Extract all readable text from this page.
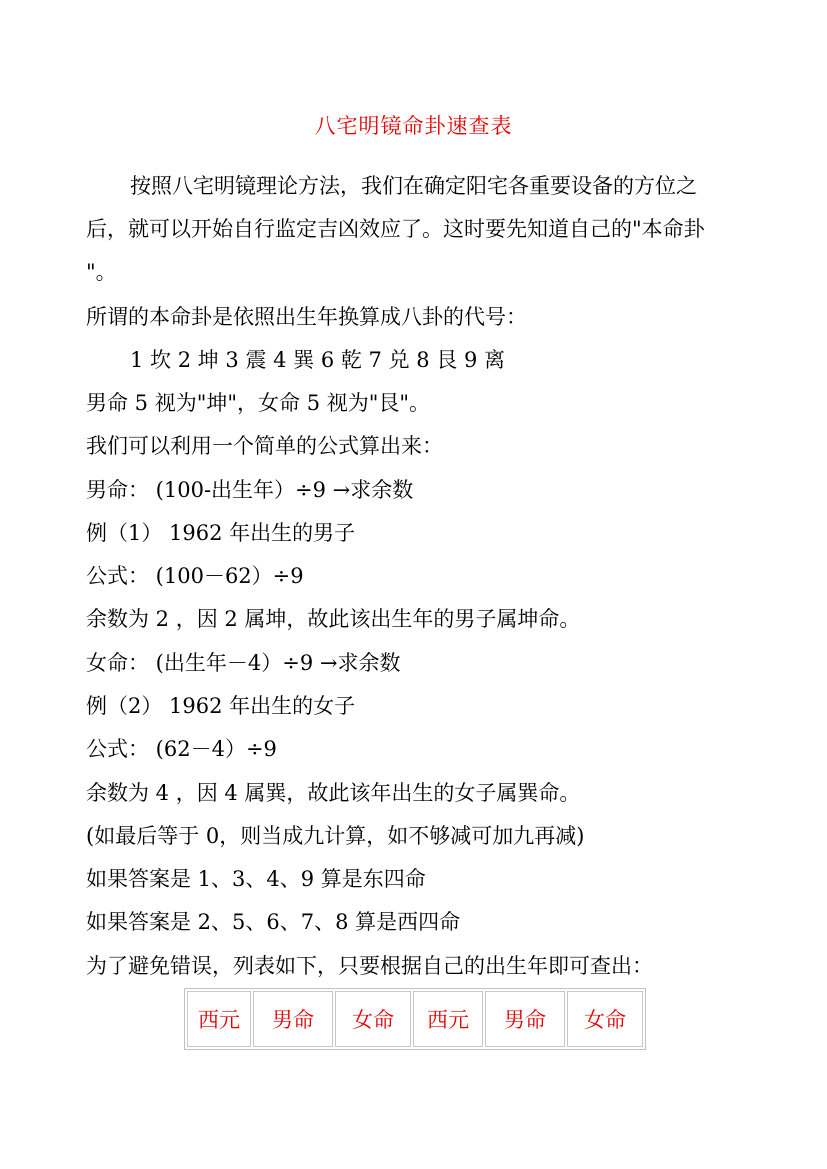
八宅明镜命卦速查表
按照八宅明镜理论方法，我们在确定阳宅各重要设备的方位之
后，就可以开始自行监定吉凶效应了。这时要先知道自己的"本命卦
"。
所谓的本命卦是依照出生年换算成八卦的代号：
1 坎 2 坤 3 震 4 巽 6 乾 7 兑 8 艮 9 离
男命 5 视为"坤"，女命 5 视为"艮"。
我们可以利用一个简单的公式算出来：
男命： (100-出生年）÷9 →求余数
例（1） 1962 年出生的男子
公式： (100－62）÷9
余数为 2 ，因 2 属坤，故此该出生年的男子属坤命。
女命： (出生年－4）÷9 →求余数
例（2） 1962 年出生的女子
公式： (62－4）÷9
余数为 4 ，因 4 属巽，故此该年出生的女子属巽命。
(如最后等于 0，则当成九计算，如不够减可加九再减)
如果答案是 1、3、4、9 算是东四命
如果答案是 2、5、6、7、8 算是西四命
为了避免错误，列表如下，只要根据自己的出生年即可查出：
西元	男命	女命	西元	男命	女命
